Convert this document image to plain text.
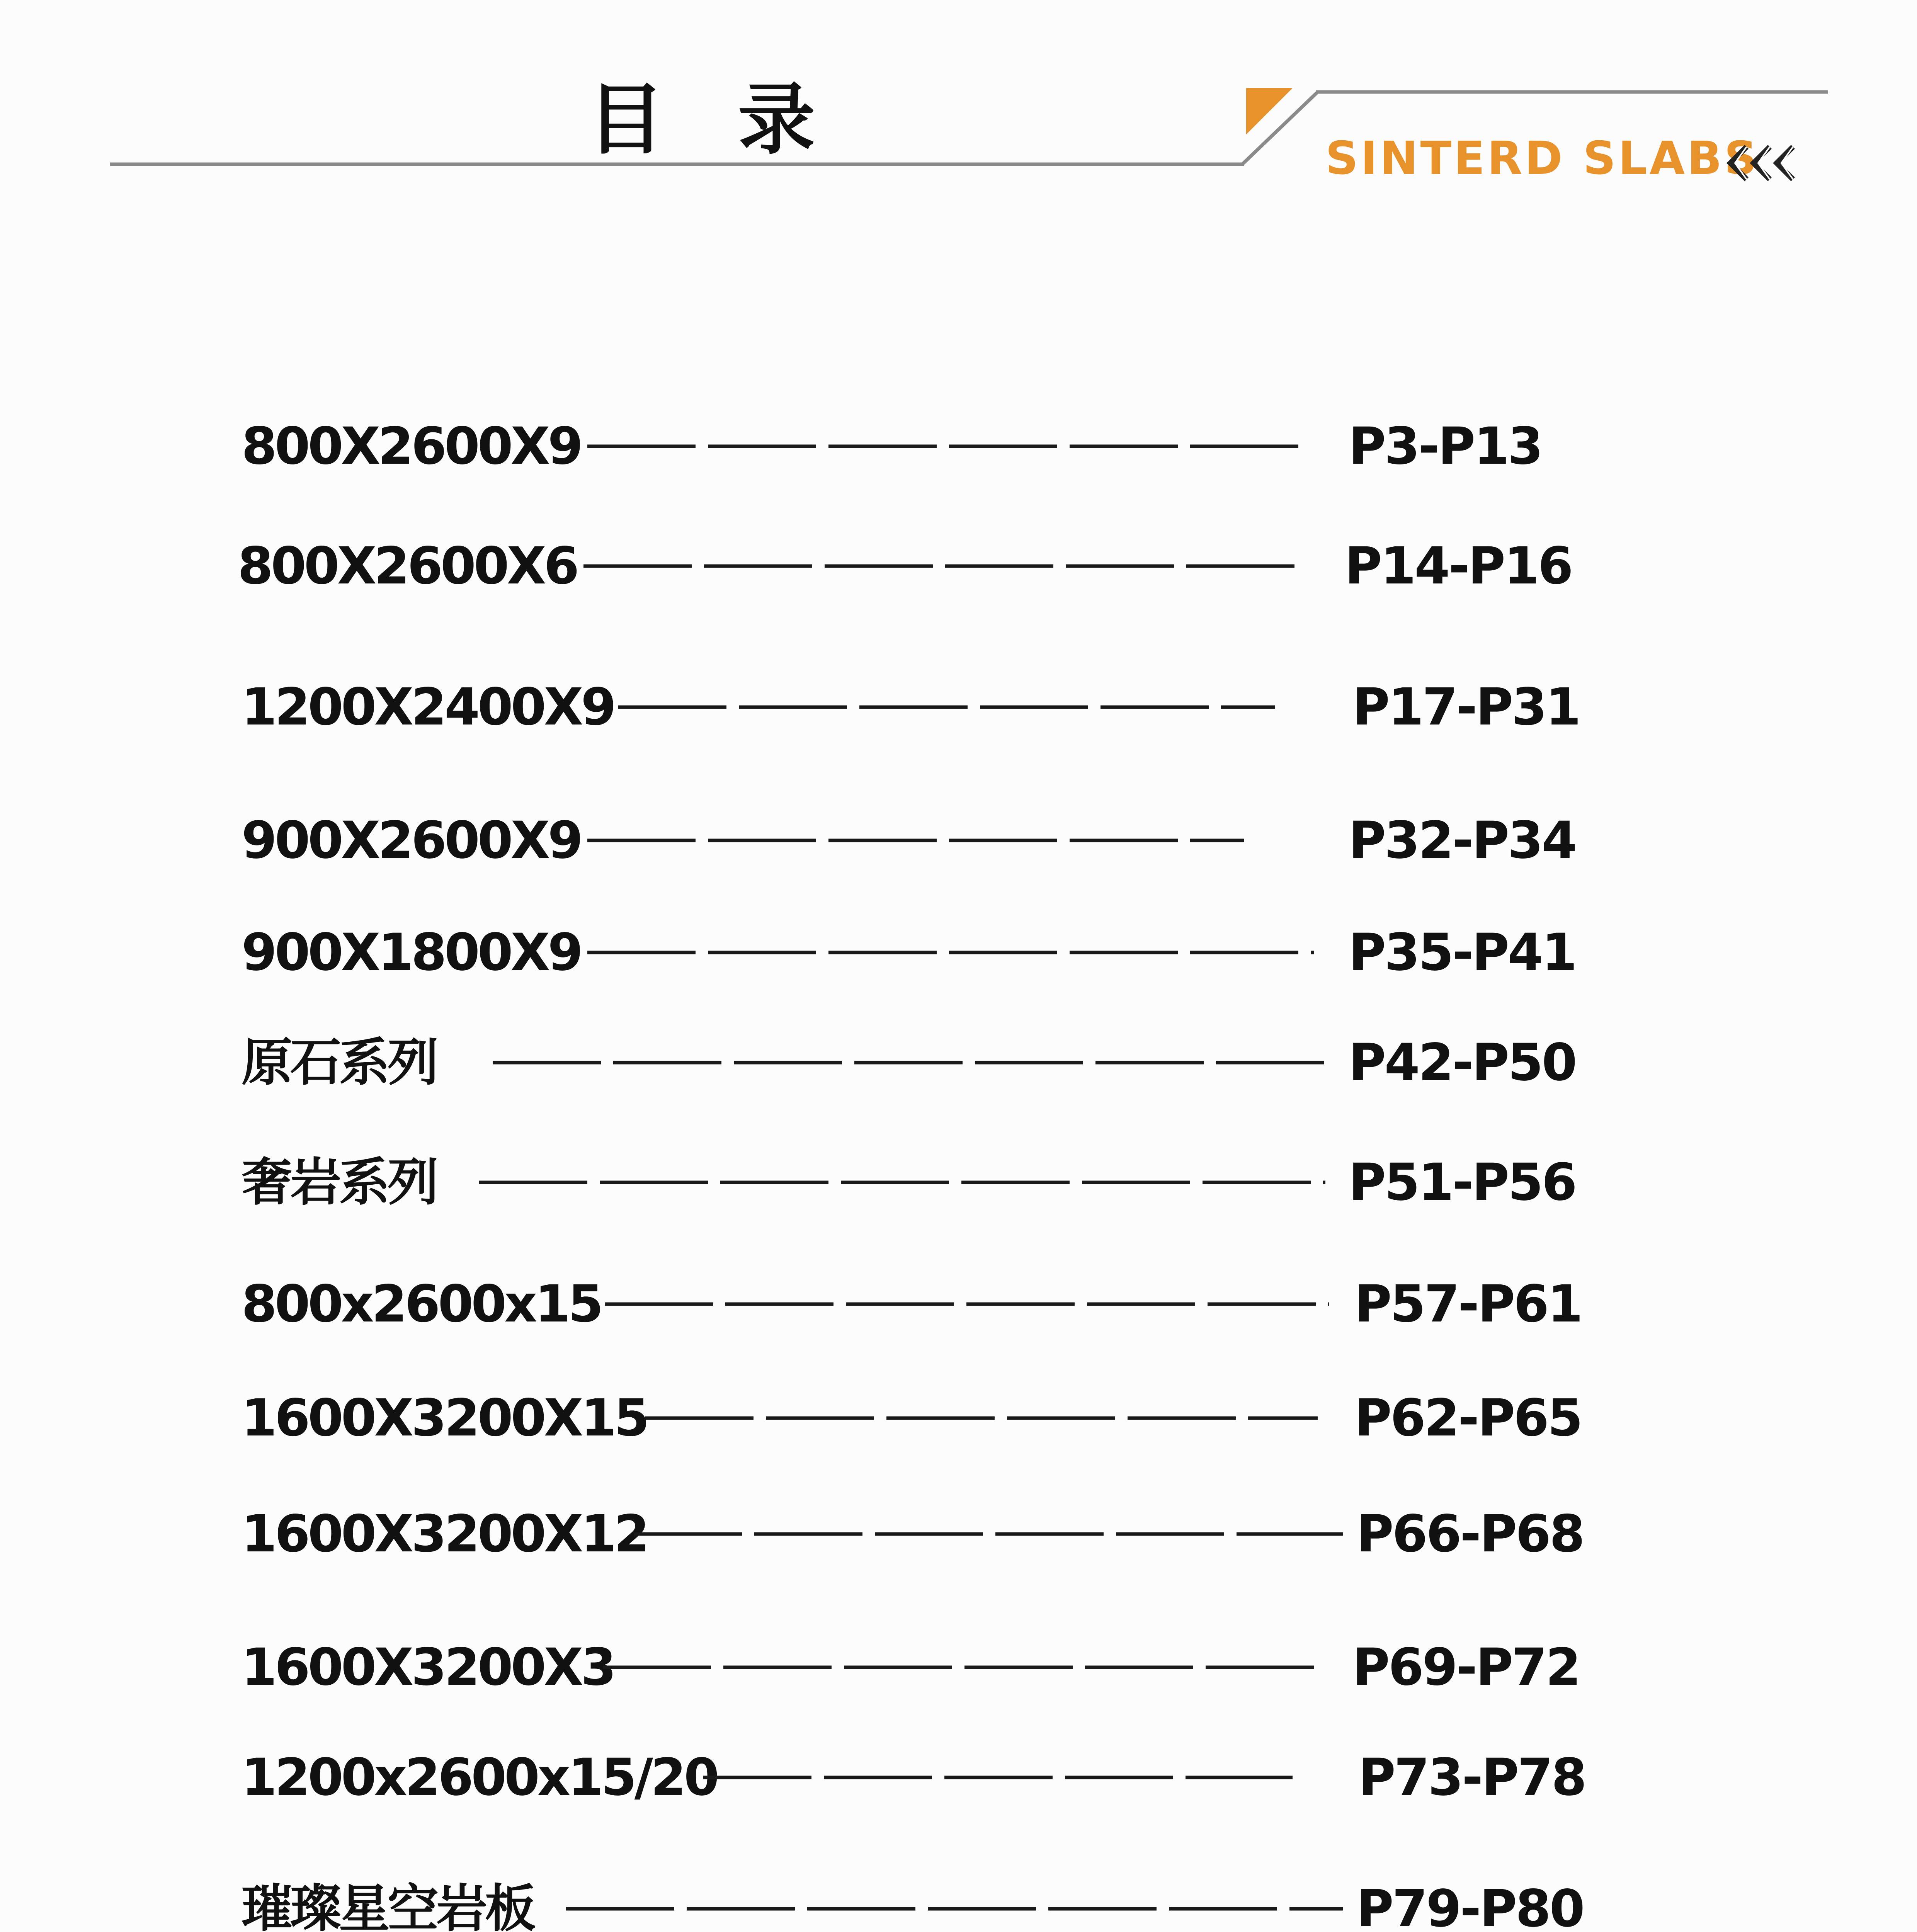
目 录	SINTERD SLABS
800X2600X9	P3-P13
800X2600X6	P14-P16
1200X2400X9	P17-P31
900X2600X9	P32-P34
900X1800X9	P35-P41
原石系列	P42-P50
奢岩系列	P51-P56
800x2600x15	P57-P61
1600X3200X15	P62-P65
1600X3200X12	P66-P68
1600X3200X3	P69-P72
1200x2600x15/20	P73-P78
璀璨星空岩板	P79-P80
